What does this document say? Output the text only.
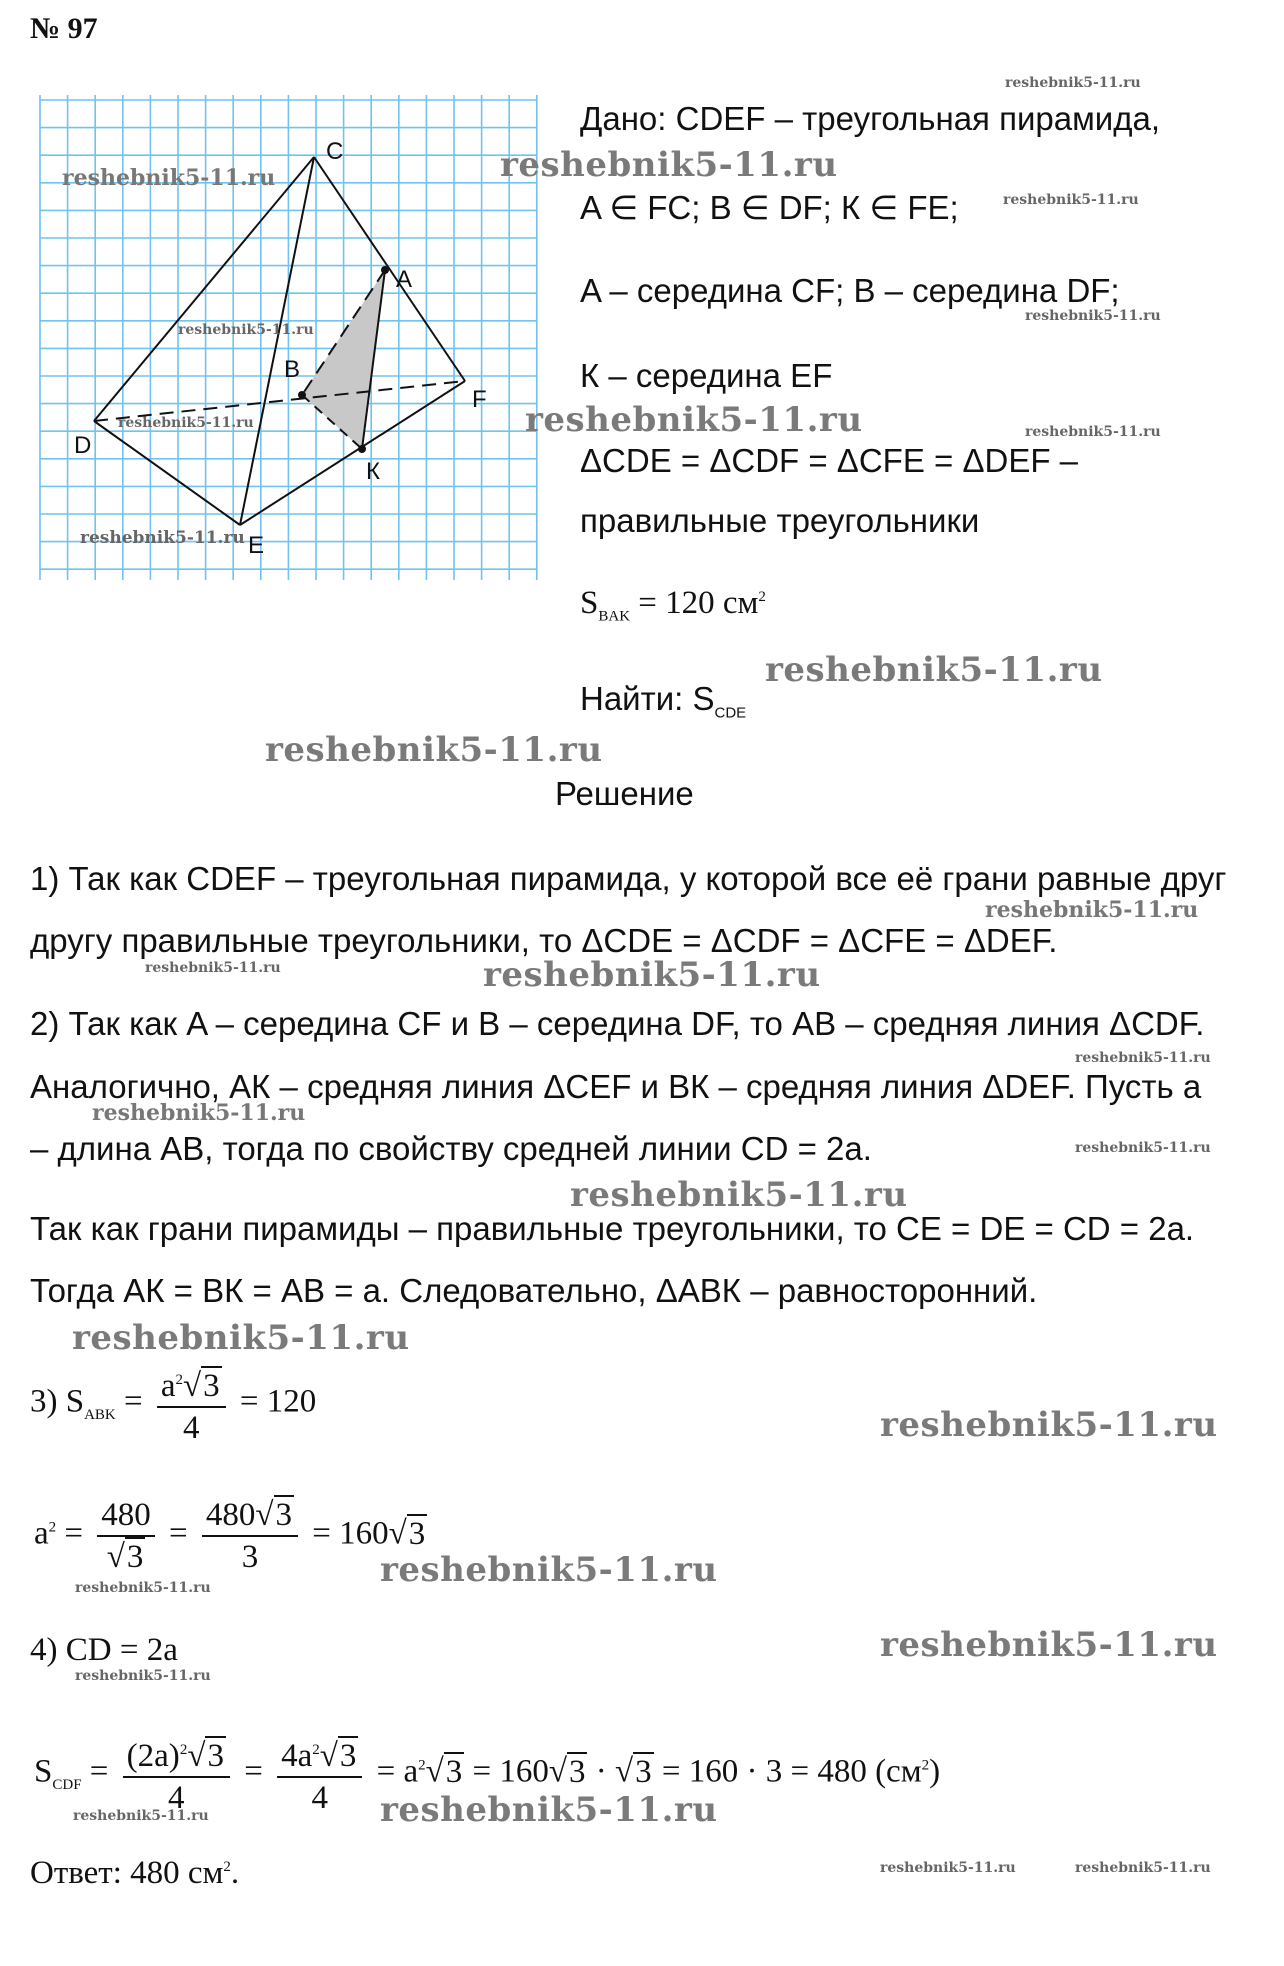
№ 97
C
A
B
D
E
F
К
reshebnik5-11.ru
reshebnik5-11.ru
reshebnik5-11.ru
reshebnik5-11.ru
reshebnik5-11.ru
Дано: CDEF – треугольная пирамида,
reshebnik5-11.ru
A ∈ FC; B ∈ DF; К ∈ FE;	reshebnik5-11.ru
A – середина CF; B – середина DF;
reshebnik5-11.ru
К – середина EF
reshebnik5-11.ru	reshebnik5-11.ru
ΔCDE = ΔCDF = ΔCFE = ΔDEF –
правильные треугольники
$S_{BAK} = 120$ $см^2$
reshebnik5-11.ru
Найти: $S_{CDE}$
reshebnik5-11.ru
Решение
1) Так как CDEF – треугольная пирамида, у которой все её грани равные друг
reshebnik5-11.ru
другу правильные треугольники, то ΔCDE = ΔCDF = ΔCFE = ΔDEF.
reshebnik5-11.ru	reshebnik5-11.ru
2) Так как A – середина CF и B – середина DF, то AB – средняя линия ΔCDF.
reshebnik5-11.ru
Аналогично, AК – средняя линия ΔCEF и BК – средняя линия ΔDEF. Пусть а
reshebnik5-11.ru
– длина AB, тогда по свойству средней линии CD = 2a.	reshebnik5-11.ru
reshebnik5-11.ru
Так как грани пирамиды – правильные треугольники, то CE = DE = CD = 2a.
Тогда AК = BК = AB = а. Следовательно, ΔABК – равносторонний.
reshebnik5-11.ru
3) $S_{ABK} = \frac{a^2√3}{4} = 120$
reshebnik5-11.ru
$a^2 = \frac{480}{√3} = \frac{480√3}{3} = 160√3$
reshebnik5-11.ru	reshebnik5-11.ru
4) CD = 2a
reshebnik5-11.ru
reshebnik5-11.ru
$S_{CDF} = \frac{(2a)^2√3}{4} = \frac{4a^2√3}{4} = a^2√3 = 160√3 \cdot √3 = 160 \cdot 3 = 480$ $(см^2)$
reshebnik5-11.ru	reshebnik5-11.ru
Ответ: 480 $см^2$.	reshebnik5-11.ru	reshebnik5-11.ru
